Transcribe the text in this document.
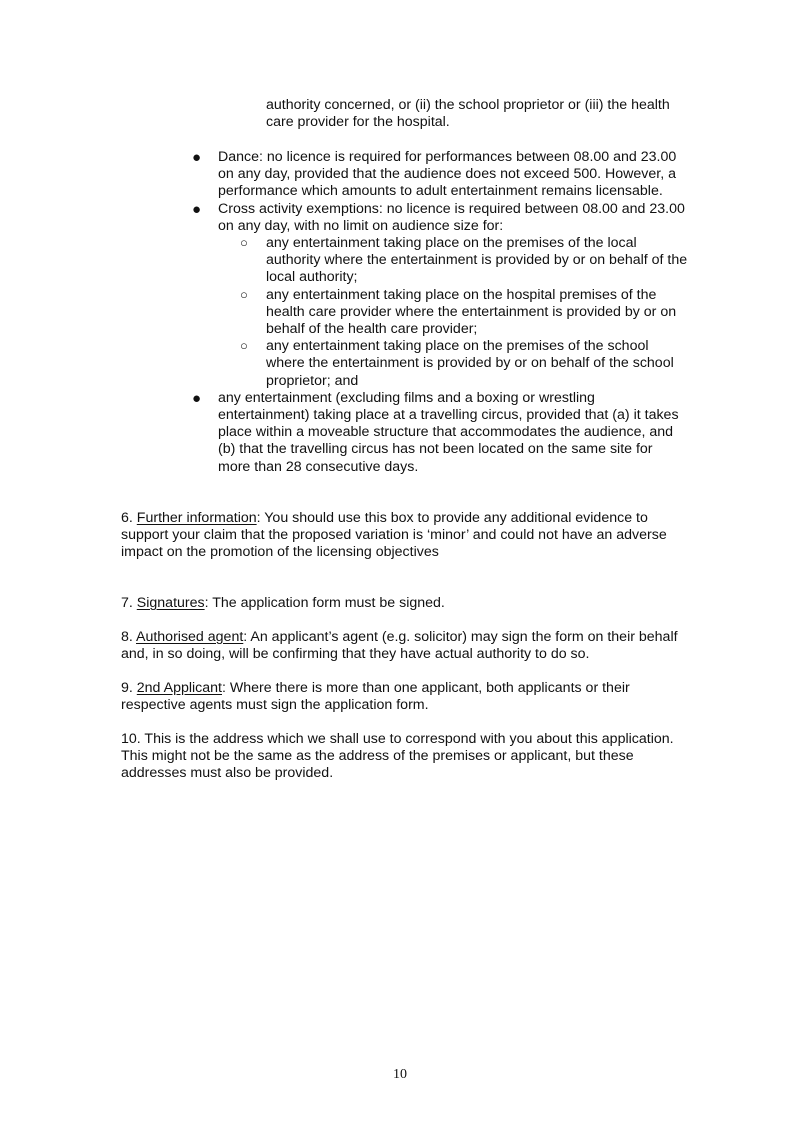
authority concerned, or (ii) the school proprietor or (iii) the health care provider for the hospital.

● Dance: no licence is required for performances between 08.00 and 23.00 on any day, provided that the audience does not exceed 500. However, a performance which amounts to adult entertainment remains licensable.
● Cross activity exemptions: no licence is required between 08.00 and 23.00 on any day, with no limit on audience size for:
○ any entertainment taking place on the premises of the local authority where the entertainment is provided by or on behalf of the local authority;
○ any entertainment taking place on the hospital premises of the health care provider where the entertainment is provided by or on behalf of the health care provider;
○ any entertainment taking place on the premises of the school where the entertainment is provided by or on behalf of the school proprietor; and
● any entertainment (excluding films and a boxing or wrestling entertainment) taking place at a travelling circus, provided that (a) it takes place within a moveable structure that accommodates the audience, and (b) that the travelling circus has not been located on the same site for more than 28 consecutive days.

6. Further information: You should use this box to provide any additional evidence to support your claim that the proposed variation is ‘minor’ and could not have an adverse impact on the promotion of the licensing objectives

7. Signatures: The application form must be signed.

8. Authorised agent: An applicant’s agent (e.g. solicitor) may sign the form on their behalf and, in so doing, will be confirming that they have actual authority to do so.

9. 2nd Applicant: Where there is more than one applicant, both applicants or their respective agents must sign the application form.

10. This is the address which we shall use to correspond with you about this application. This might not be the same as the address of the premises or applicant, but these addresses must also be provided.

10
